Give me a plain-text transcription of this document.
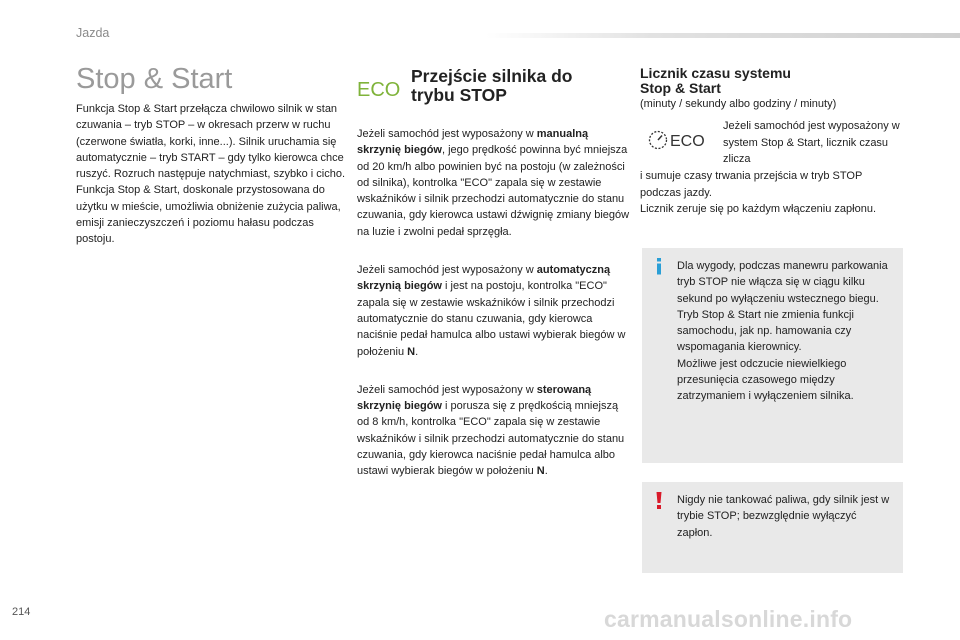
Jazda
Stop & Start

Funkcja Stop & Start przełącza chwilowo silnik w stan czuwania – tryb STOP – w okresach przerw w ruchu (czerwone światła, korki, inne...). Silnik uruchamia się automatycznie – tryb START – gdy tylko kierowca chce ruszyć. Rozruch następuje natychmiast, szybko i cicho. Funkcja Stop & Start, doskonale przystosowana do użytku w mieście, umożliwia obniżenie zużycia paliwa, emisji zanieczyszczeń i poziomu hałasu podczas postoju.

ECO
Przejście silnika do
trybu STOP

Jeżeli samochód jest wyposażony w manualną skrzynię biegów, jego prędkość powinna być mniejsza od 20 km/h albo powinien być na postoju (w zależności od silnika), kontrolka "ECO" zapala się w zestawie wskaźników i silnik przechodzi automatycznie do stanu czuwania, gdy kierowca ustawi dźwignię zmiany biegów na luzie i zwolni pedał sprzęgła.

Jeżeli samochód jest wyposażony w automatyczną skrzynią biegów i jest na postoju, kontrolka "ECO" zapala się w zestawie wskaźników i silnik przechodzi automatycznie do stanu czuwania, gdy kierowca naciśnie pedał hamulca albo ustawi wybierak biegów w położeniu N.

Jeżeli samochód jest wyposażony w sterowaną skrzynię biegów i porusza się z prędkością mniejszą od 8 km/h, kontrolka "ECO" zapala się w zestawie wskaźników i silnik przechodzi automatycznie do stanu czuwania, gdy kierowca naciśnie pedał hamulca albo ustawi wybierak biegów w położeniu N.

Licznik czasu systemu
Stop & Start

(minuty / sekundy albo godziny / minuty)

ECO

Jeżeli samochód jest wyposażony w system Stop & Start, licznik czasu zlicza

i sumuje czasy trwania przejścia w tryb STOP podczas jazdy.

Licznik zeruje się po każdym włączeniu zapłonu.

Dla wygody, podczas manewru parkowania tryb STOP nie włącza się w ciągu kilku sekund po wyłączeniu wstecznego biegu.

Tryb Stop & Start nie zmienia funkcji samochodu, jak np. hamowania czy wspomagania kierownicy.

Możliwe jest odczucie niewielkiego przesunięcia czasowego między zatrzymaniem i wyłączeniem silnika.

Nigdy nie tankować paliwa, gdy silnik jest w trybie STOP; bezwzględnie wyłączyć zapłon.

214	carmanualsonline.info
